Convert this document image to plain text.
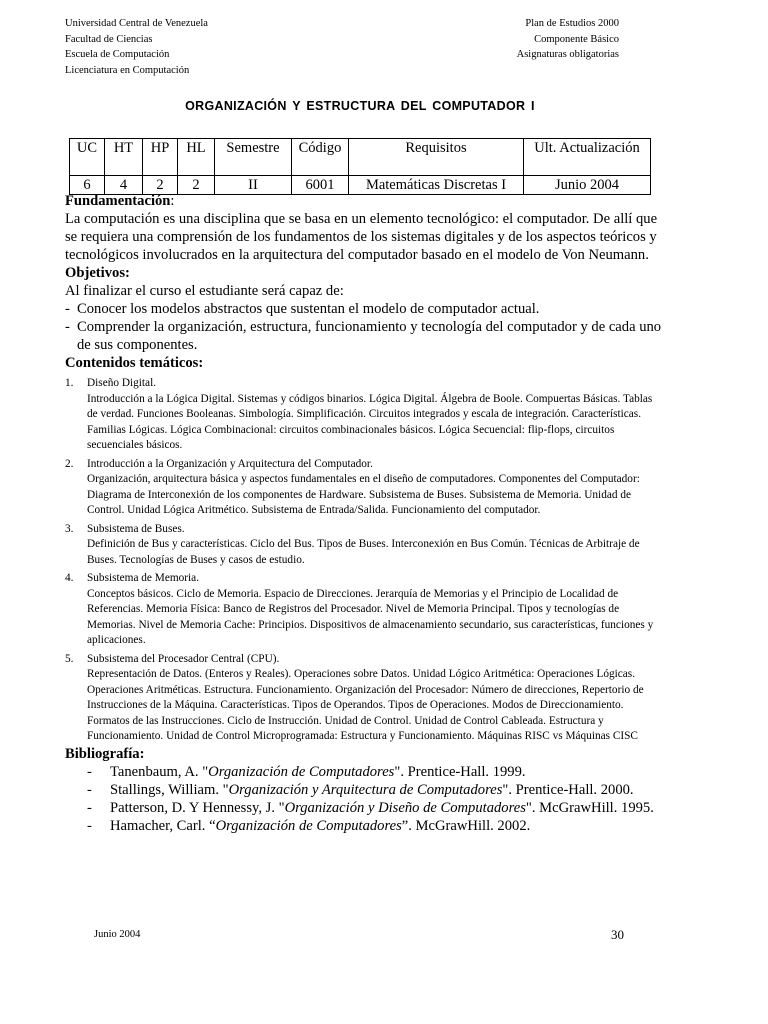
Universidad Central de Venezuela
Facultad de Ciencias
Escuela de Computación
Licenciatura en Computación
Plan de Estudios 2000
Componente Básico
Asignaturas obligatorias
ORGANIZACIÓN Y ESTRUCTURA DEL COMPUTADOR I
UC	HT	HP	HL	Semestre	Código	Requisitos	Ult. Actualización
6	4	2	2	II	6001	Matemáticas Discretas I	Junio 2004
Fundamentación:

La computación es una disciplina que se basa en un elemento tecnológico: el computador. De allí que se requiera una comprensión de los fundamentos de los sistemas digitales y de los aspectos teóricos y tecnológicos involucrados en la arquitectura del computador basado en el modelo de Von Neumann.

Objetivos:
Al finalizar el curso el estudiante será capaz de:
- Conocer los modelos abstractos que sustentan el modelo de computador actual.
- Comprender la organización, estructura, funcionamiento y tecnología del computador y de cada uno de sus componentes.
Contenidos temáticos:
1. Diseño Digital.
Introducción a la Lógica Digital. Sistemas y códigos binarios. Lógica Digital. Álgebra de Boole. Compuertas Básicas. Tablas de verdad. Funciones Booleanas. Simbología. Simplificación. Circuitos integrados y escala de integración. Características. Familias Lógicas. Lógica Combinacional: circuitos combinacionales básicos. Lógica Secuencial: flip-flops, circuitos secuenciales básicos.
2. Introducción a la Organización y Arquitectura del Computador.
Organización, arquitectura básica y aspectos fundamentales en el diseño de computadores. Componentes del Computador: Diagrama de Interconexión de los componentes de Hardware. Subsistema de Buses. Subsistema de Memoria. Unidad de Control. Unidad Lógica Aritmético. Subsistema de Entrada/Salida. Funcionamiento del computador.
3. Subsistema de Buses.
Definición de Bus y características. Ciclo del Bus. Tipos de Buses. Interconexión en Bus Común. Técnicas de Arbitraje de Buses. Tecnologías de Buses y casos de estudio.
4. Subsistema de Memoria.
Conceptos básicos. Ciclo de Memoria. Espacio de Direcciones. Jerarquía de Memorias y el Principio de Localidad de Referencias. Memoria Física: Banco de Registros del Procesador. Nivel de Memoria Principal. Tipos y tecnologías de Memorias. Nivel de Memoria Cache: Principios. Dispositivos de almacenamiento secundario, sus características, funciones y aplicaciones.
5. Subsistema del Procesador Central (CPU).
Representación de Datos. (Enteros y Reales). Operaciones sobre Datos. Unidad Lógico Aritmética: Operaciones Lógicas. Operaciones Aritméticas. Estructura. Funcionamiento. Organización del Procesador: Número de direcciones, Repertorio de Instrucciones de la Máquina. Características. Tipos de Operandos. Tipos de Operaciones. Modos de Direccionamiento. Formatos de las Instrucciones. Ciclo de Instrucción. Unidad de Control. Unidad de Control Cableada. Estructura y Funcionamiento. Unidad de Control Microprogramada: Estructura y Funcionamiento. Máquinas RISC vs Máquinas CISC
Bibliografía:
- Tanenbaum, A. "Organización de Computadores". Prentice-Hall. 1999.
- Stallings, William. "Organización y Arquitectura de Computadores". Prentice-Hall. 2000.
- Patterson, D. Y Hennessy, J. "Organización y Diseño de Computadores". McGrawHill. 1995.
- Hamacher, Carl. “Organización de Computadores”. McGrawHill. 2002.
Junio 2004	30
